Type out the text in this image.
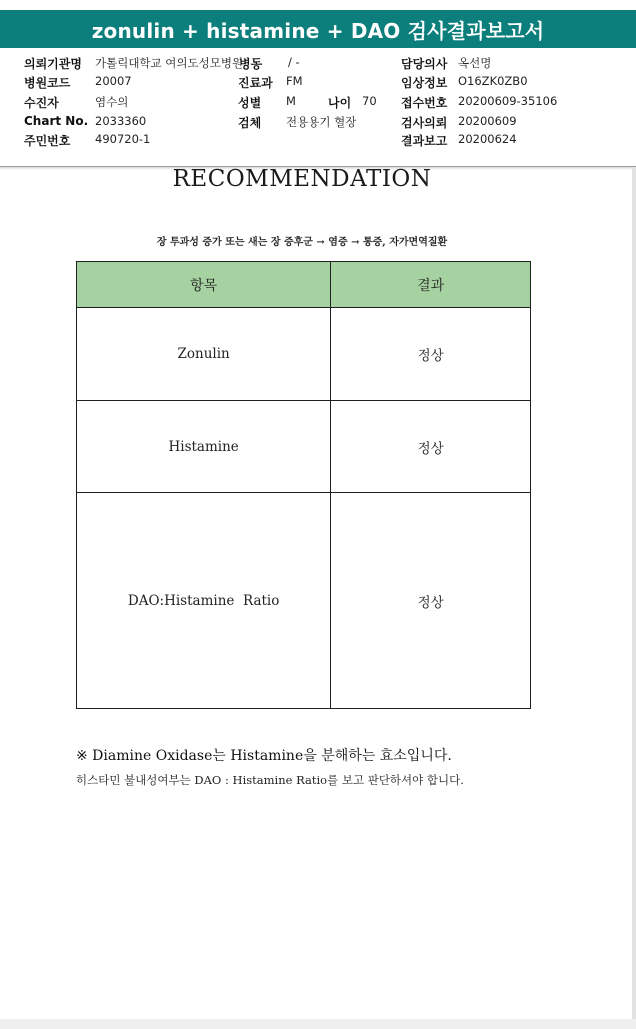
zonulin + histamine + DAO 검사결과보고서
의뢰기관명 가톨릭대학교 여의도성모병원
병동 / -	담당의사 옥선명
병원코드 20007	진료과 FM	임상정보 O16ZK0ZB0
수진자	염수의	성별 M	나이 70 접수번호 20200609-35106
Chart No. 2033360	검체 전용용기 혈장	검사의뢰 20200609
주민번호 490720-1	결과보고 20200624
RECOMMENDATION
장 투과성 증가 또는 새는 장 증후군 → 염증 → 통증, 자가면역질환
항목	결과
Zonulin	정상
Histamine	정상
DAO:Histamine  Ratio	정상
※ Diamine Oxidase는 Histamine을 분해하는 효소입니다.
히스타민 불내성여부는 DAO : Histamine Ratio를 보고 판단하셔야 합니다.
